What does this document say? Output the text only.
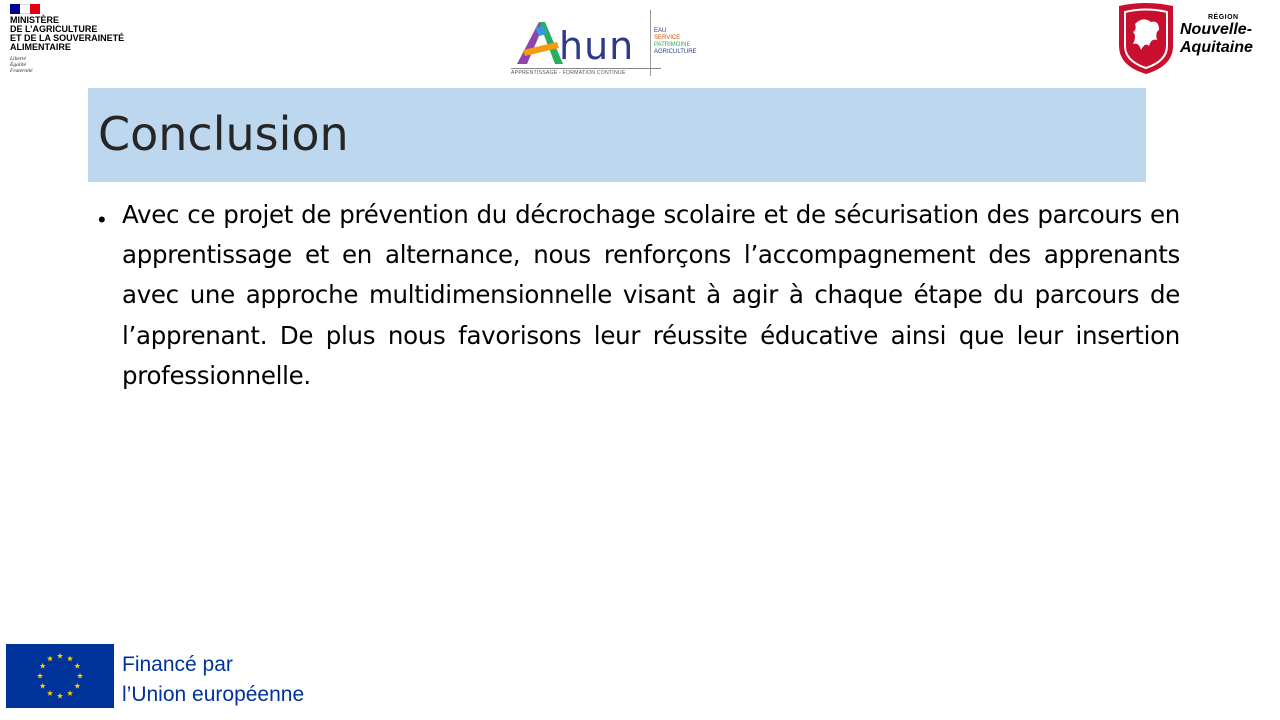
MINISTÈRE
DE L’AGRICULTURE
ET DE LA SOUVERAINETÉ
ALIMENTAIRE
Liberté
Égalité
Fraternité
hun	EAU
SERVICE
PATRIMOINE
AGRICULTURE
APPRENTISSAGE - FORMATION CONTINUE
RÉGION
Nouvelle-
Aquitaine
Conclusion
• Avec ce projet de prévention du décrochage scolaire et de sécurisation des parcours en apprentissage et en alternance, nous renforçons l’accompagnement des apprenants avec une approche multidimensionnelle visant à agir à chaque étape du parcours de l’apprenant. De plus nous favorisons leur réussite éducative ainsi que leur insertion professionnelle.
Financé par
l’Union européenne
